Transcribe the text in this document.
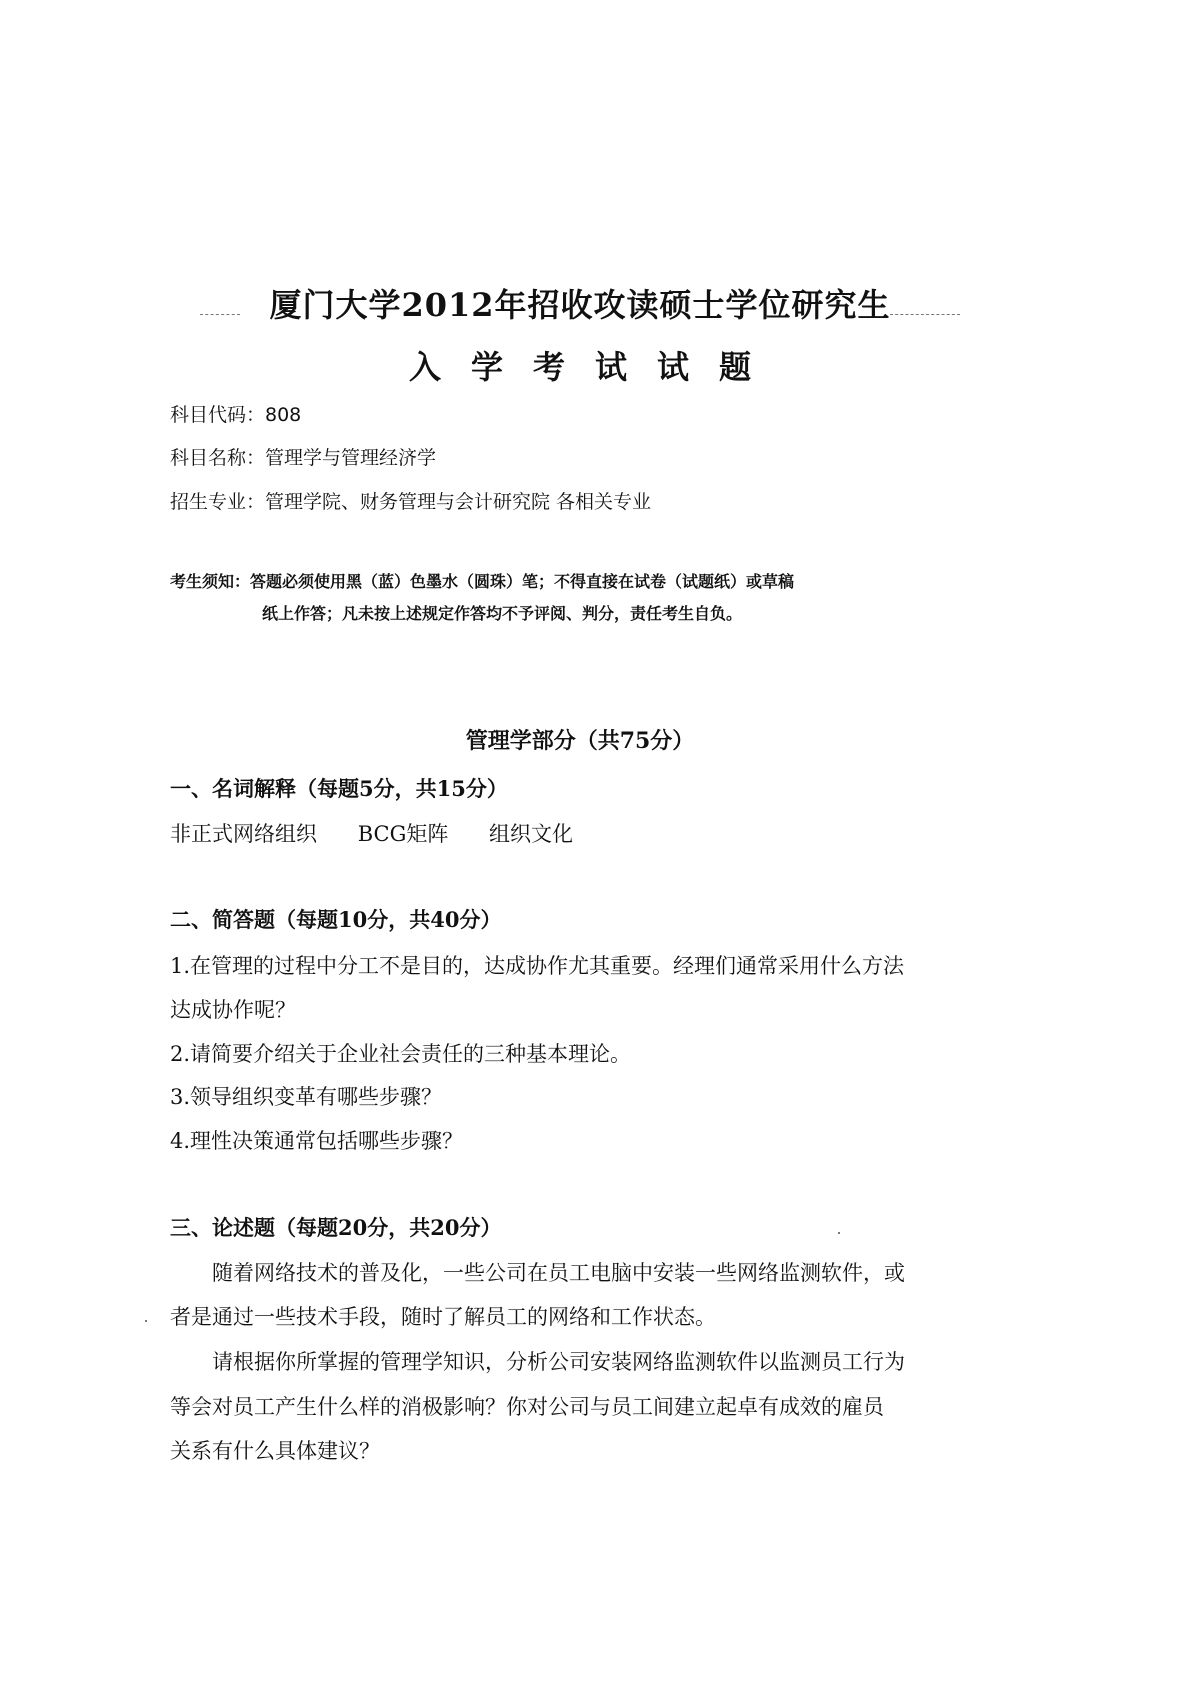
厦门大学2012年招收攻读硕士学位研究生
入学考试试题
科目代码：808
科目名称：管理学与管理经济学
招生专业：管理学院、财务管理与会计研究院 各相关专业
考生须知：答题必须使用黑（蓝）色墨水（圆珠）笔；不得直接在试卷（试题纸）或草稿
纸上作答；凡未按上述规定作答均不予评阅、判分，责任考生自负。
管理学部分（共75分）
一、名词解释（每题5分，共15分）
非正式网络组织 BCG矩阵 组织文化
二、简答题（每题10分，共40分）
1.在管理的过程中分工不是目的，达成协作尤其重要。经理们通常采用什么方法
达成协作呢？
2.请简要介绍关于企业社会责任的三种基本理论。
3.领导组织变革有哪些步骤？
4.理性决策通常包括哪些步骤？
三、论述题（每题20分，共20分）
随着网络技术的普及化，一些公司在员工电脑中安装一些网络监测软件，或
者是通过一些技术手段，随时了解员工的网络和工作状态。
请根据你所掌握的管理学知识，分析公司安装网络监测软件以监测员工行为
等会对员工产生什么样的消极影响？你对公司与员工间建立起卓有成效的雇员
关系有什么具体建议？
